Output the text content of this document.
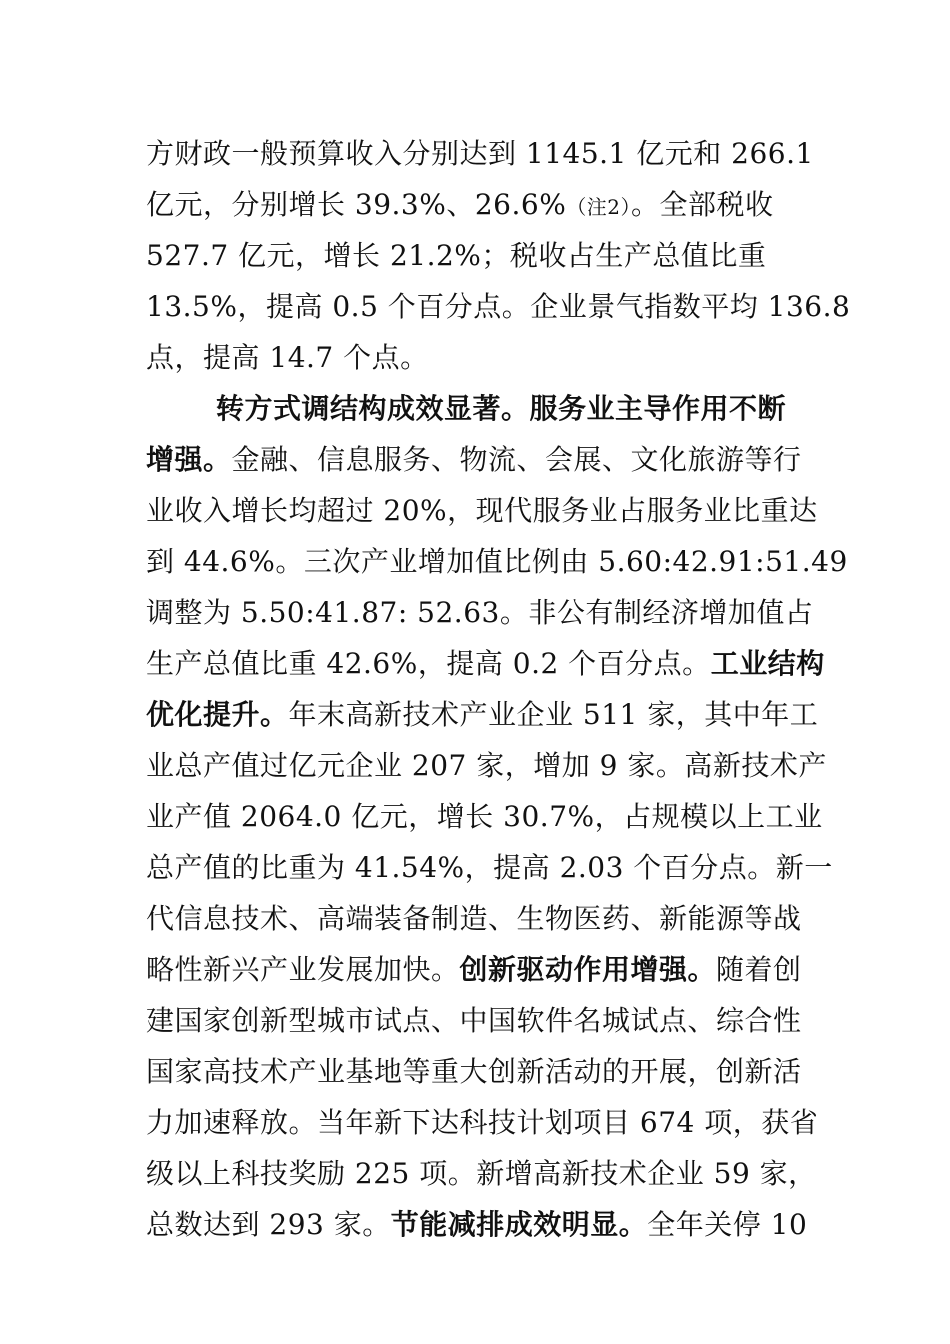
方财政一般预算收入分别达到 1145.1 亿元和 266.1
亿元，分别增长 39.3%、26.6%（注2）。全部税收
527.7 亿元，增长 21.2%；税收占生产总值比重
13.5%，提高 0.5 个百分点。企业景气指数平均 136.8
点，提高 14.7 个点。
转方式调结构成效显著。服务业主导作用不断
增强。金融、信息服务、物流、会展、文化旅游等行
业收入增长均超过 20%，现代服务业占服务业比重达
到 44.6%。三次产业增加值比例由 5.60:42.91:51.49
调整为 5.50:41.87: 52.63。非公有制经济增加值占
生产总值比重 42.6%，提高 0.2 个百分点。工业结构
优化提升。年末高新技术产业企业 511 家，其中年工
业总产值过亿元企业 207 家，增加 9 家。高新技术产
业产值 2064.0 亿元，增长 30.7%，占规模以上工业
总产值的比重为 41.54%，提高 2.03 个百分点。新一
代信息技术、高端装备制造、生物医药、新能源等战
略性新兴产业发展加快。创新驱动作用增强。随着创
建国家创新型城市试点、中国软件名城试点、综合性
国家高技术产业基地等重大创新活动的开展，创新活
力加速释放。当年新下达科技计划项目 674 项，获省
级以上科技奖励 225 项。新增高新技术企业 59 家，
总数达到 293 家。节能减排成效明显。全年关停 10
